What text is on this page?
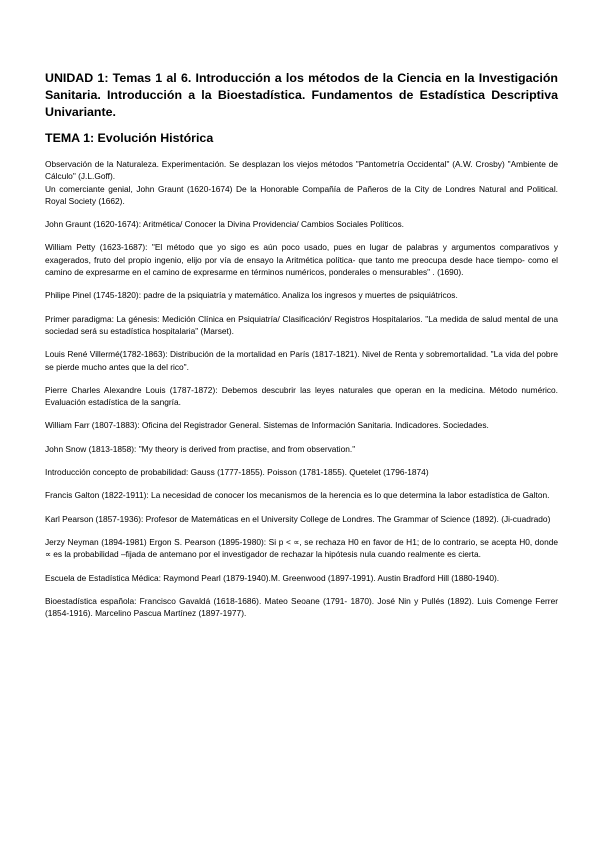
UNIDAD 1: Temas 1 al 6. Introducción a los métodos de la Ciencia en la Investigación Sanitaria. Introducción a la Bioestadística. Fundamentos de Estadística Descriptiva Univariante.

TEMA 1: Evolución Histórica

Observación de la Naturaleza. Experimentación. Se desplazan los viejos métodos "Pantometría Occidental" (A.W. Crosby) "Ambiente de Cálculo" (J.L.Goff).
Un comerciante genial, John Graunt (1620-1674) De la Honorable Compañía de Pañeros de la City de Londres Natural and Political. Royal Society (1662).

John Graunt (1620-1674): Aritmética/ Conocer la Divina Providencia/ Cambios Sociales Políticos.

William Petty (1623-1687): "El método que yo sigo es aún poco usado, pues en lugar de palabras y argumentos comparativos y exagerados, fruto del propio ingenio, elijo por vía de ensayo la Aritmética política- que tanto me preocupa desde hace tiempo- como el camino de expresarme en el camino de expresarme en términos numéricos, ponderales o mensurables" . (1690).

Philipe Pinel (1745-1820): padre de la psiquiatría y matemático. Analiza los ingresos y muertes de psiquiátricos.

Primer paradigma: La génesis: Medición Clínica en Psiquiatría/ Clasificación/ Registros Hospitalarios. "La medida de salud mental de una sociedad será su estadística hospitalaria" (Marset).

Louis René Villermé(1782-1863): Distribución de la mortalidad en París (1817-1821). Nivel de Renta y sobremortalidad. "La vida del pobre se pierde mucho antes que la del rico".

Pierre Charles Alexandre Louis (1787-1872): Debemos descubrir las leyes naturales que operan en la medicina. Método numérico. Evaluación estadística de la sangría.

William Farr (1807-1883): Oficina del Registrador General. Sistemas de Información Sanitaria. Indicadores. Sociedades.

John Snow (1813-1858): "My theory is derived from practise, and from observation."

Introducción concepto de probabilidad: Gauss (1777-1855). Poisson (1781-1855). Quetelet (1796-1874)

Francis Galton (1822-1911): La necesidad de conocer los mecanismos de la herencia es lo que determina la labor estadística de Galton.

Karl Pearson (1857-1936): Profesor de Matemáticas en el University College de Londres. The Grammar of Science (1892). (Ji-cuadrado)

Jerzy Neyman (1894-1981) Ergon S. Pearson (1895-1980): Si p < ∝, se rechaza H0 en favor de H1; de lo contrario, se acepta H0, donde ∝ es la probabilidad –fijada de antemano por el investigador de rechazar la hipótesis nula cuando realmente es cierta.

Escuela de Estadística Médica: Raymond Pearl (1879-1940).M. Greenwood (1897-1991). Austin Bradford Hill (1880-1940).

Bioestadística española: Francisco Gavaldá (1618-1686). Mateo Seoane (1791- 1870). José Nin y Pullés (1892). Luis Comenge Ferrer (1854-1916). Marcelino Pascua Martínez (1897-1977).
